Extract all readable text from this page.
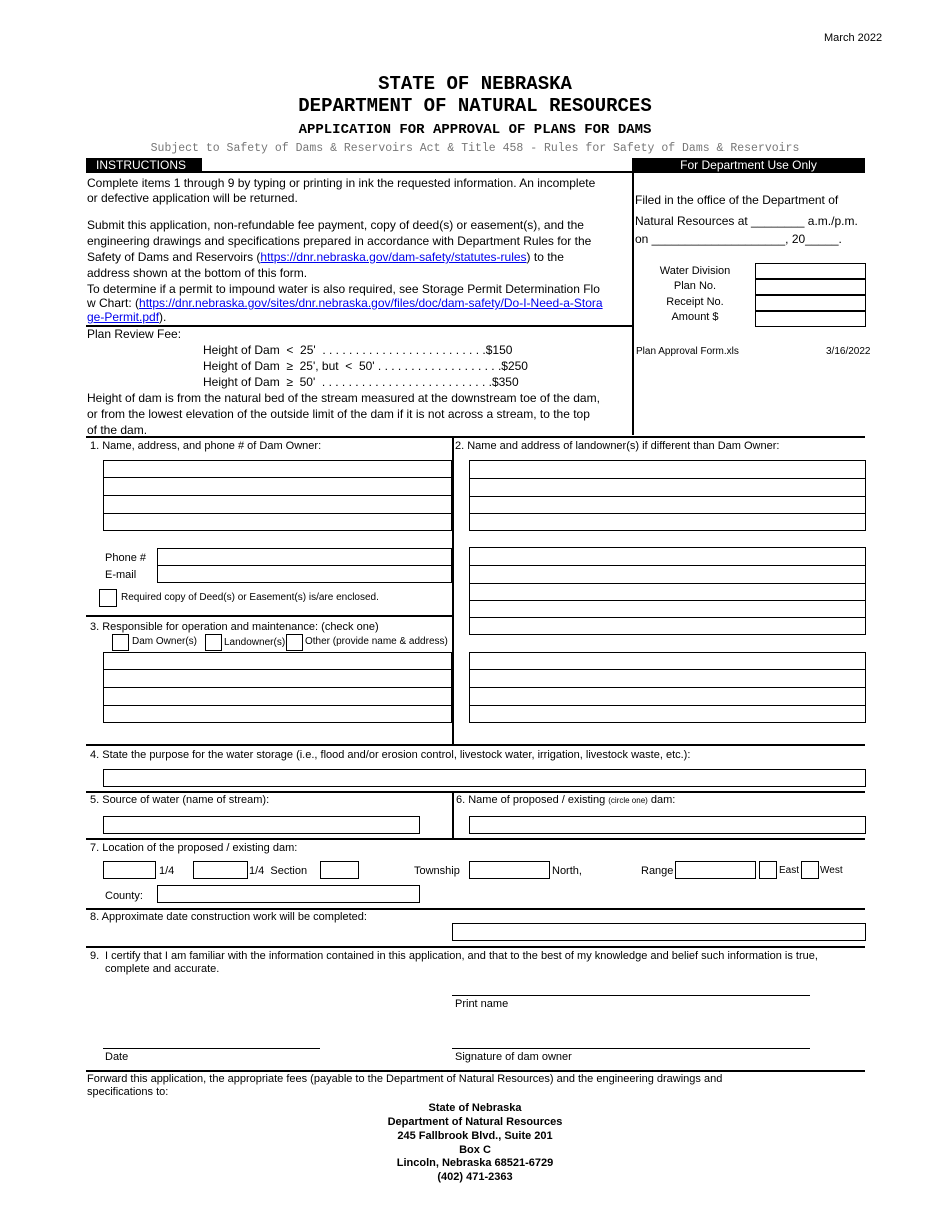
March 2022
STATE OF NEBRASKA
DEPARTMENT OF NATURAL RESOURCES
APPLICATION FOR APPROVAL OF PLANS FOR DAMS
Subject to Safety of Dams & Reservoirs Act & Title 458 - Rules for Safety of Dams & Reservoirs
INSTRUCTIONS	For Department Use Only
Complete items 1 through 9 by typing or printing in ink the requested information. An incomplete or defective application will be returned.
Submit this application, non-refundable fee payment, copy of deed(s) or easement(s), and the engineering drawings and specifications prepared in accordance with Department Rules for the Safety of Dams and Reservoirs (https://dnr.nebraska.gov/dam-safety/statutes-rules) to the address shown at the bottom of this form.
To determine if a permit to impound water is also required, see Storage Permit Determination Flow Chart: (https://dnr.nebraska.gov/sites/dnr.nebraska.gov/files/doc/dam-safety/Do-I-Need-a-Storage-Permit.pdf).
Plan Review Fee:
Height of Dam  <  25'  . . . . . . . . . . . . . . . . . . . . . . . . .$150
Height of Dam  ≥  25', but  <  50' . . . . . . . . . . . . . . . . . . .$250
Height of Dam  ≥  50'  . . . . . . . . . . . . . . . . . . . . . . . . . .$350
Height of dam is from the natural bed of the stream measured at the downstream toe of the dam, or from the lowest elevation of the outside limit of the dam if it is not across a stream, to the top of the dam.
Filed in the office of the Department of
Natural Resources at ________ a.m./p.m.
on ____________________, 20_____.
Water Division
Plan No.
Receipt No.
Amount $
Plan Approval Form.xls	3/16/2022
1. Name, address, and phone # of Dam Owner:
Phone #
E-mail
Required copy of Deed(s) or Easement(s) is/are enclosed.
2. Name and address of landowner(s) if different than Dam Owner:
3. Responsible for operation and maintenance: (check one)
Dam Owner(s)	Landowner(s) Other (provide name & address)
4. State the purpose for the water storage (i.e., flood and/or erosion control, livestock water, irrigation, livestock waste, etc.):
5. Source of water (name of stream):	6. Name of proposed / existing (circle one) dam:
7. Location of the proposed / existing dam:
1/4	1/4  Section	Township	North,	Range	East West
County:
8. Approximate date construction work will be completed:
9. I certify that I am familiar with the information contained in this application, and that to the best of my knowledge and belief such information is true, complete and accurate.
Print name
Date	Signature of dam owner
Forward this application, the appropriate fees (payable to the Department of Natural Resources) and the engineering drawings and specifications to:
State of Nebraska
Department of Natural Resources
245 Fallbrook Blvd., Suite 201
Box C
Lincoln, Nebraska 68521-6729
(402) 471-2363
